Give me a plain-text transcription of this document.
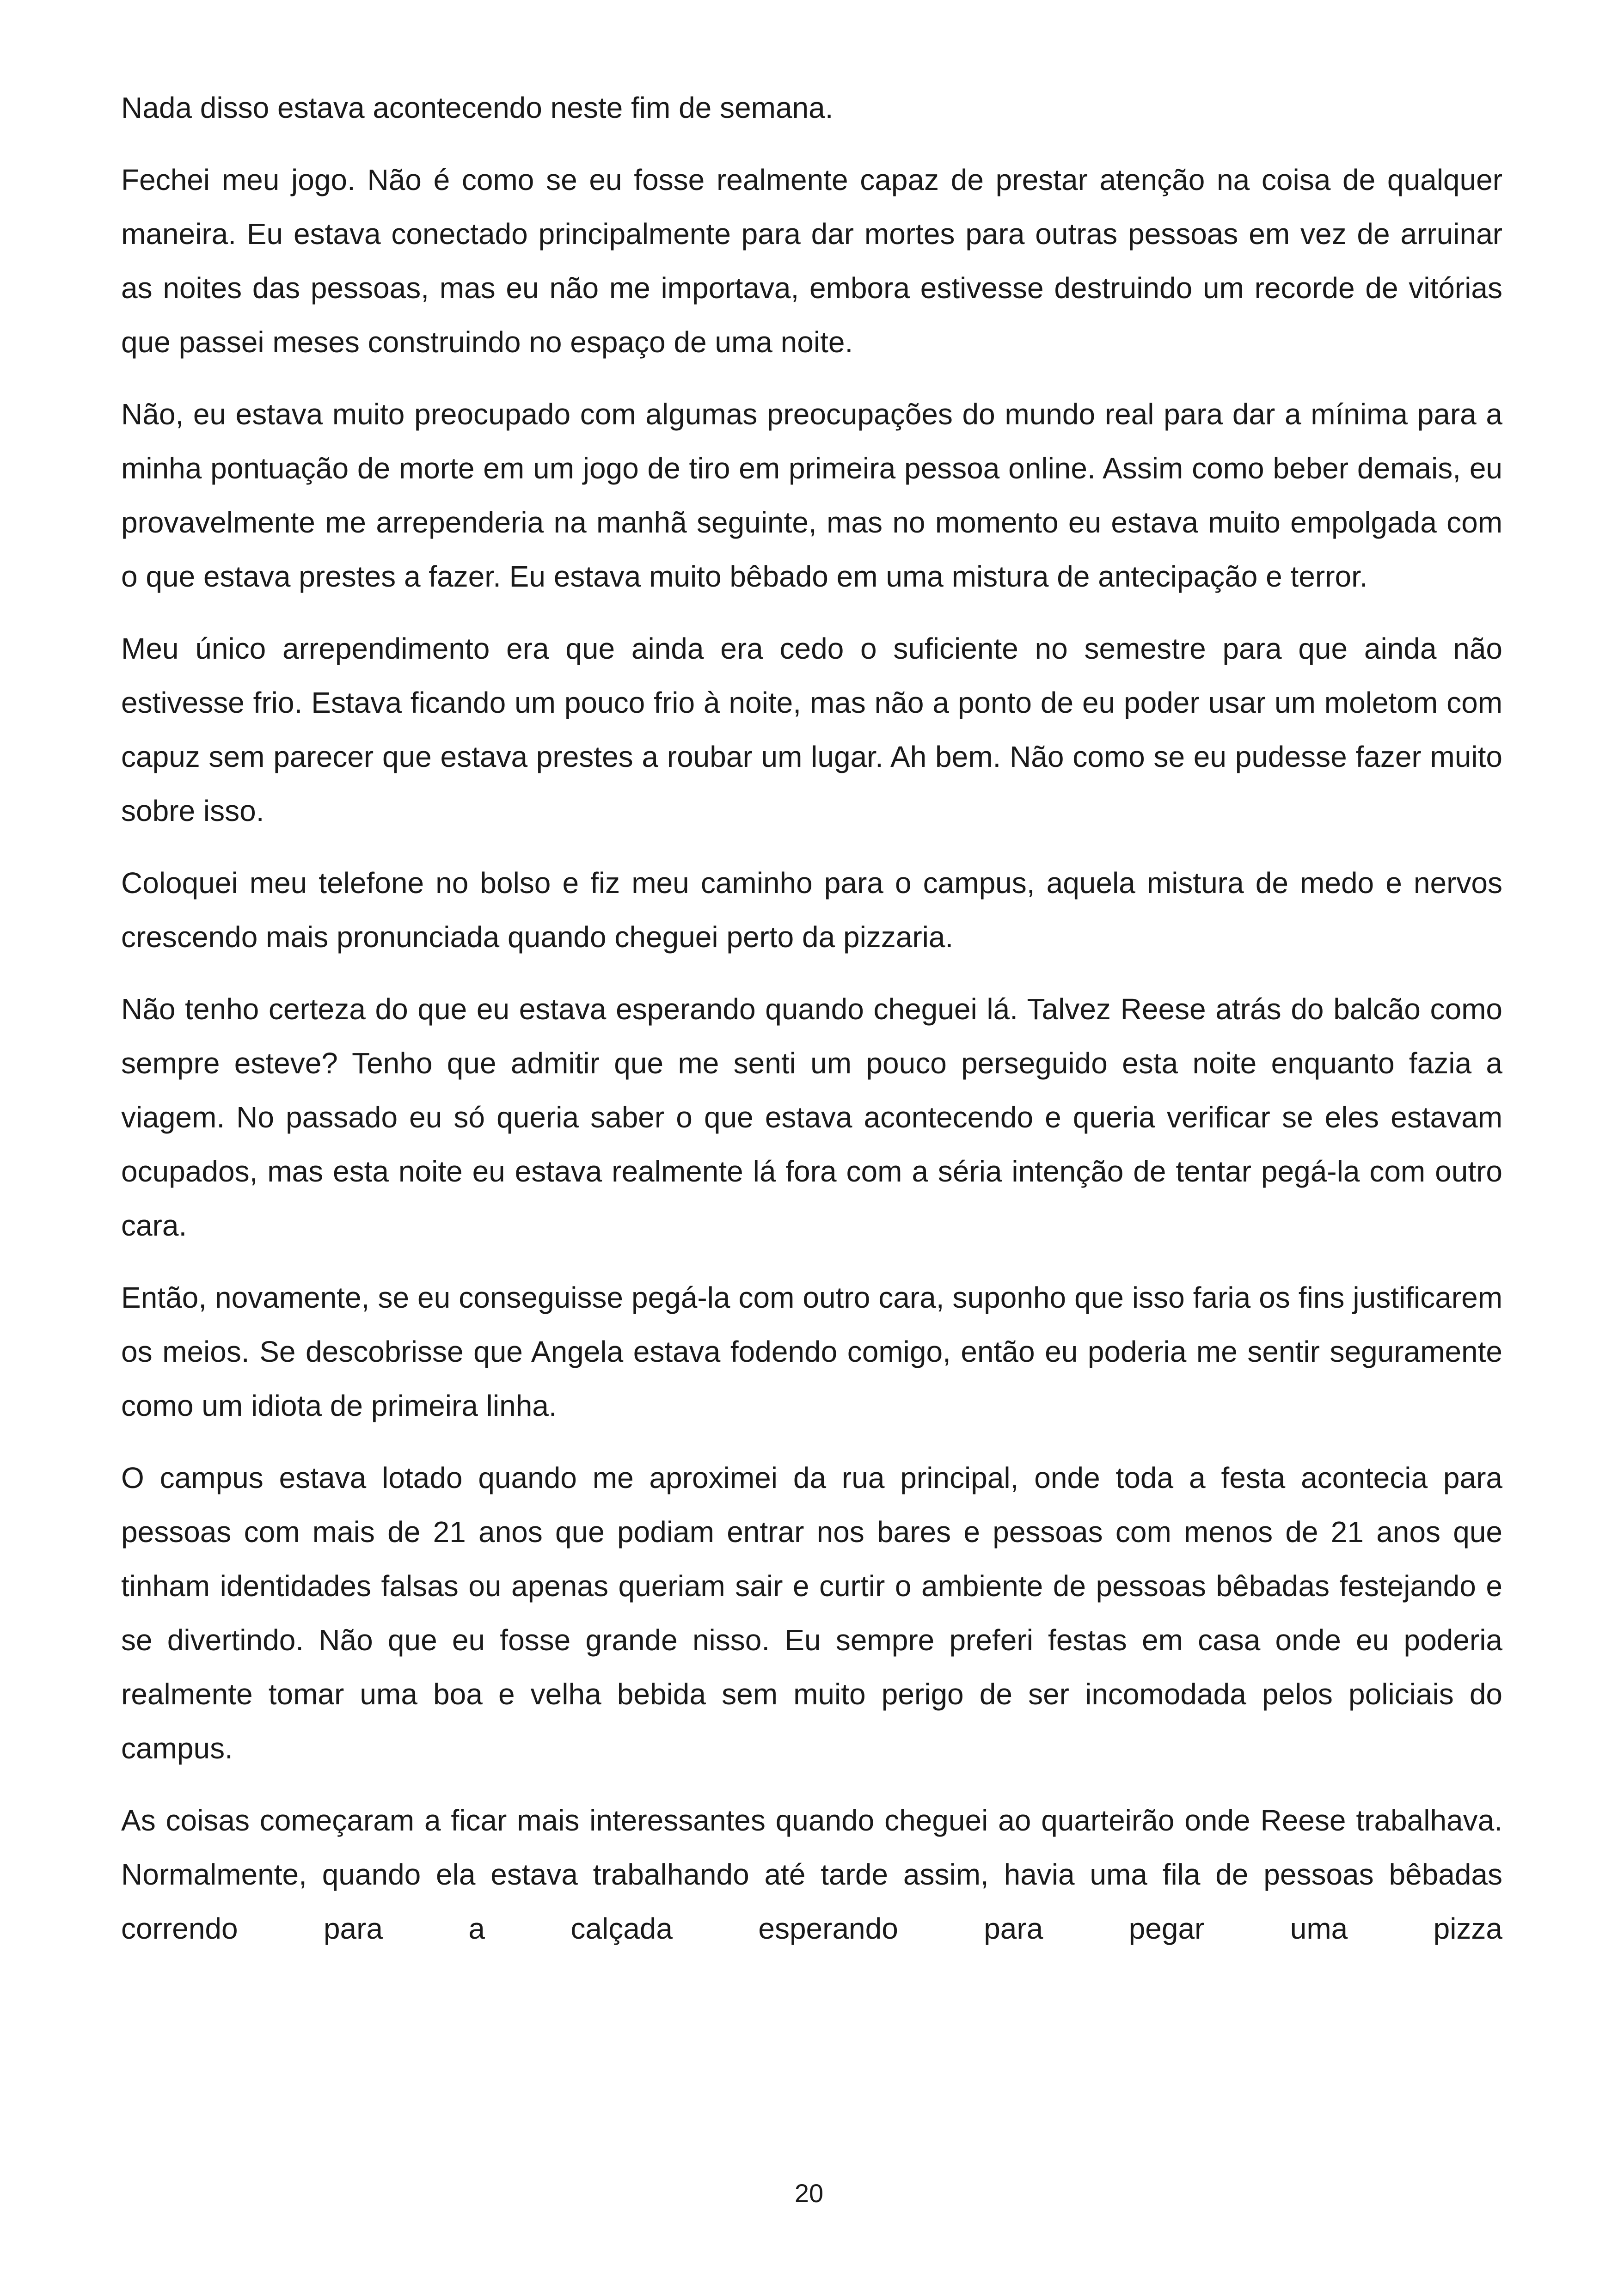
Nada disso estava acontecendo neste fim de semana.

Fechei meu jogo. Não é como se eu fosse realmente capaz de prestar atenção na coisa de qualquer maneira. Eu estava conectado principalmente para dar mortes para outras pessoas em vez de arruinar as noites das pessoas, mas eu não me importava, embora estivesse destruindo um recorde de vitórias que passei meses construindo no espaço de uma noite.

Não, eu estava muito preocupado com algumas preocupações do mundo real para dar a mínima para a minha pontuação de morte em um jogo de tiro em primeira pessoa online. Assim como beber demais, eu provavelmente me arrependeria na manhã seguinte, mas no momento eu estava muito empolgada com o que estava prestes a fazer. Eu estava muito bêbado em uma mistura de antecipação e terror.

Meu único arrependimento era que ainda era cedo o suficiente no semestre para que ainda não estivesse frio. Estava ficando um pouco frio à noite, mas não a ponto de eu poder usar um moletom com capuz sem parecer que estava prestes a roubar um lugar. Ah bem. Não como se eu pudesse fazer muito sobre isso.

Coloquei meu telefone no bolso e fiz meu caminho para o campus, aquela mistura de medo e nervos crescendo mais pronunciada quando cheguei perto da pizzaria.

Não tenho certeza do que eu estava esperando quando cheguei lá. Talvez Reese atrás do balcão como sempre esteve? Tenho que admitir que me senti um pouco perseguido esta noite enquanto fazia a viagem. No passado eu só queria saber o que estava acontecendo e queria verificar se eles estavam ocupados, mas esta noite eu estava realmente lá fora com a séria intenção de tentar pegá-la com outro cara.

Então, novamente, se eu conseguisse pegá-la com outro cara, suponho que isso faria os fins justificarem os meios. Se descobrisse que Angela estava fodendo comigo, então eu poderia me sentir seguramente como um idiota de primeira linha.

O campus estava lotado quando me aproximei da rua principal, onde toda a festa acontecia para pessoas com mais de 21 anos que podiam entrar nos bares e pessoas com menos de 21 anos que tinham identidades falsas ou apenas queriam sair e curtir o ambiente de pessoas bêbadas festejando e se divertindo. Não que eu fosse grande nisso. Eu sempre preferi festas em casa onde eu poderia realmente tomar uma boa e velha bebida sem muito perigo de ser incomodada pelos policiais do campus.

As coisas começaram a ficar mais interessantes quando cheguei ao quarteirão onde Reese trabalhava. Normalmente, quando ela estava trabalhando até tarde assim, havia uma fila de pessoas bêbadas correndo para a calçada esperando para pegar uma pizza

20
